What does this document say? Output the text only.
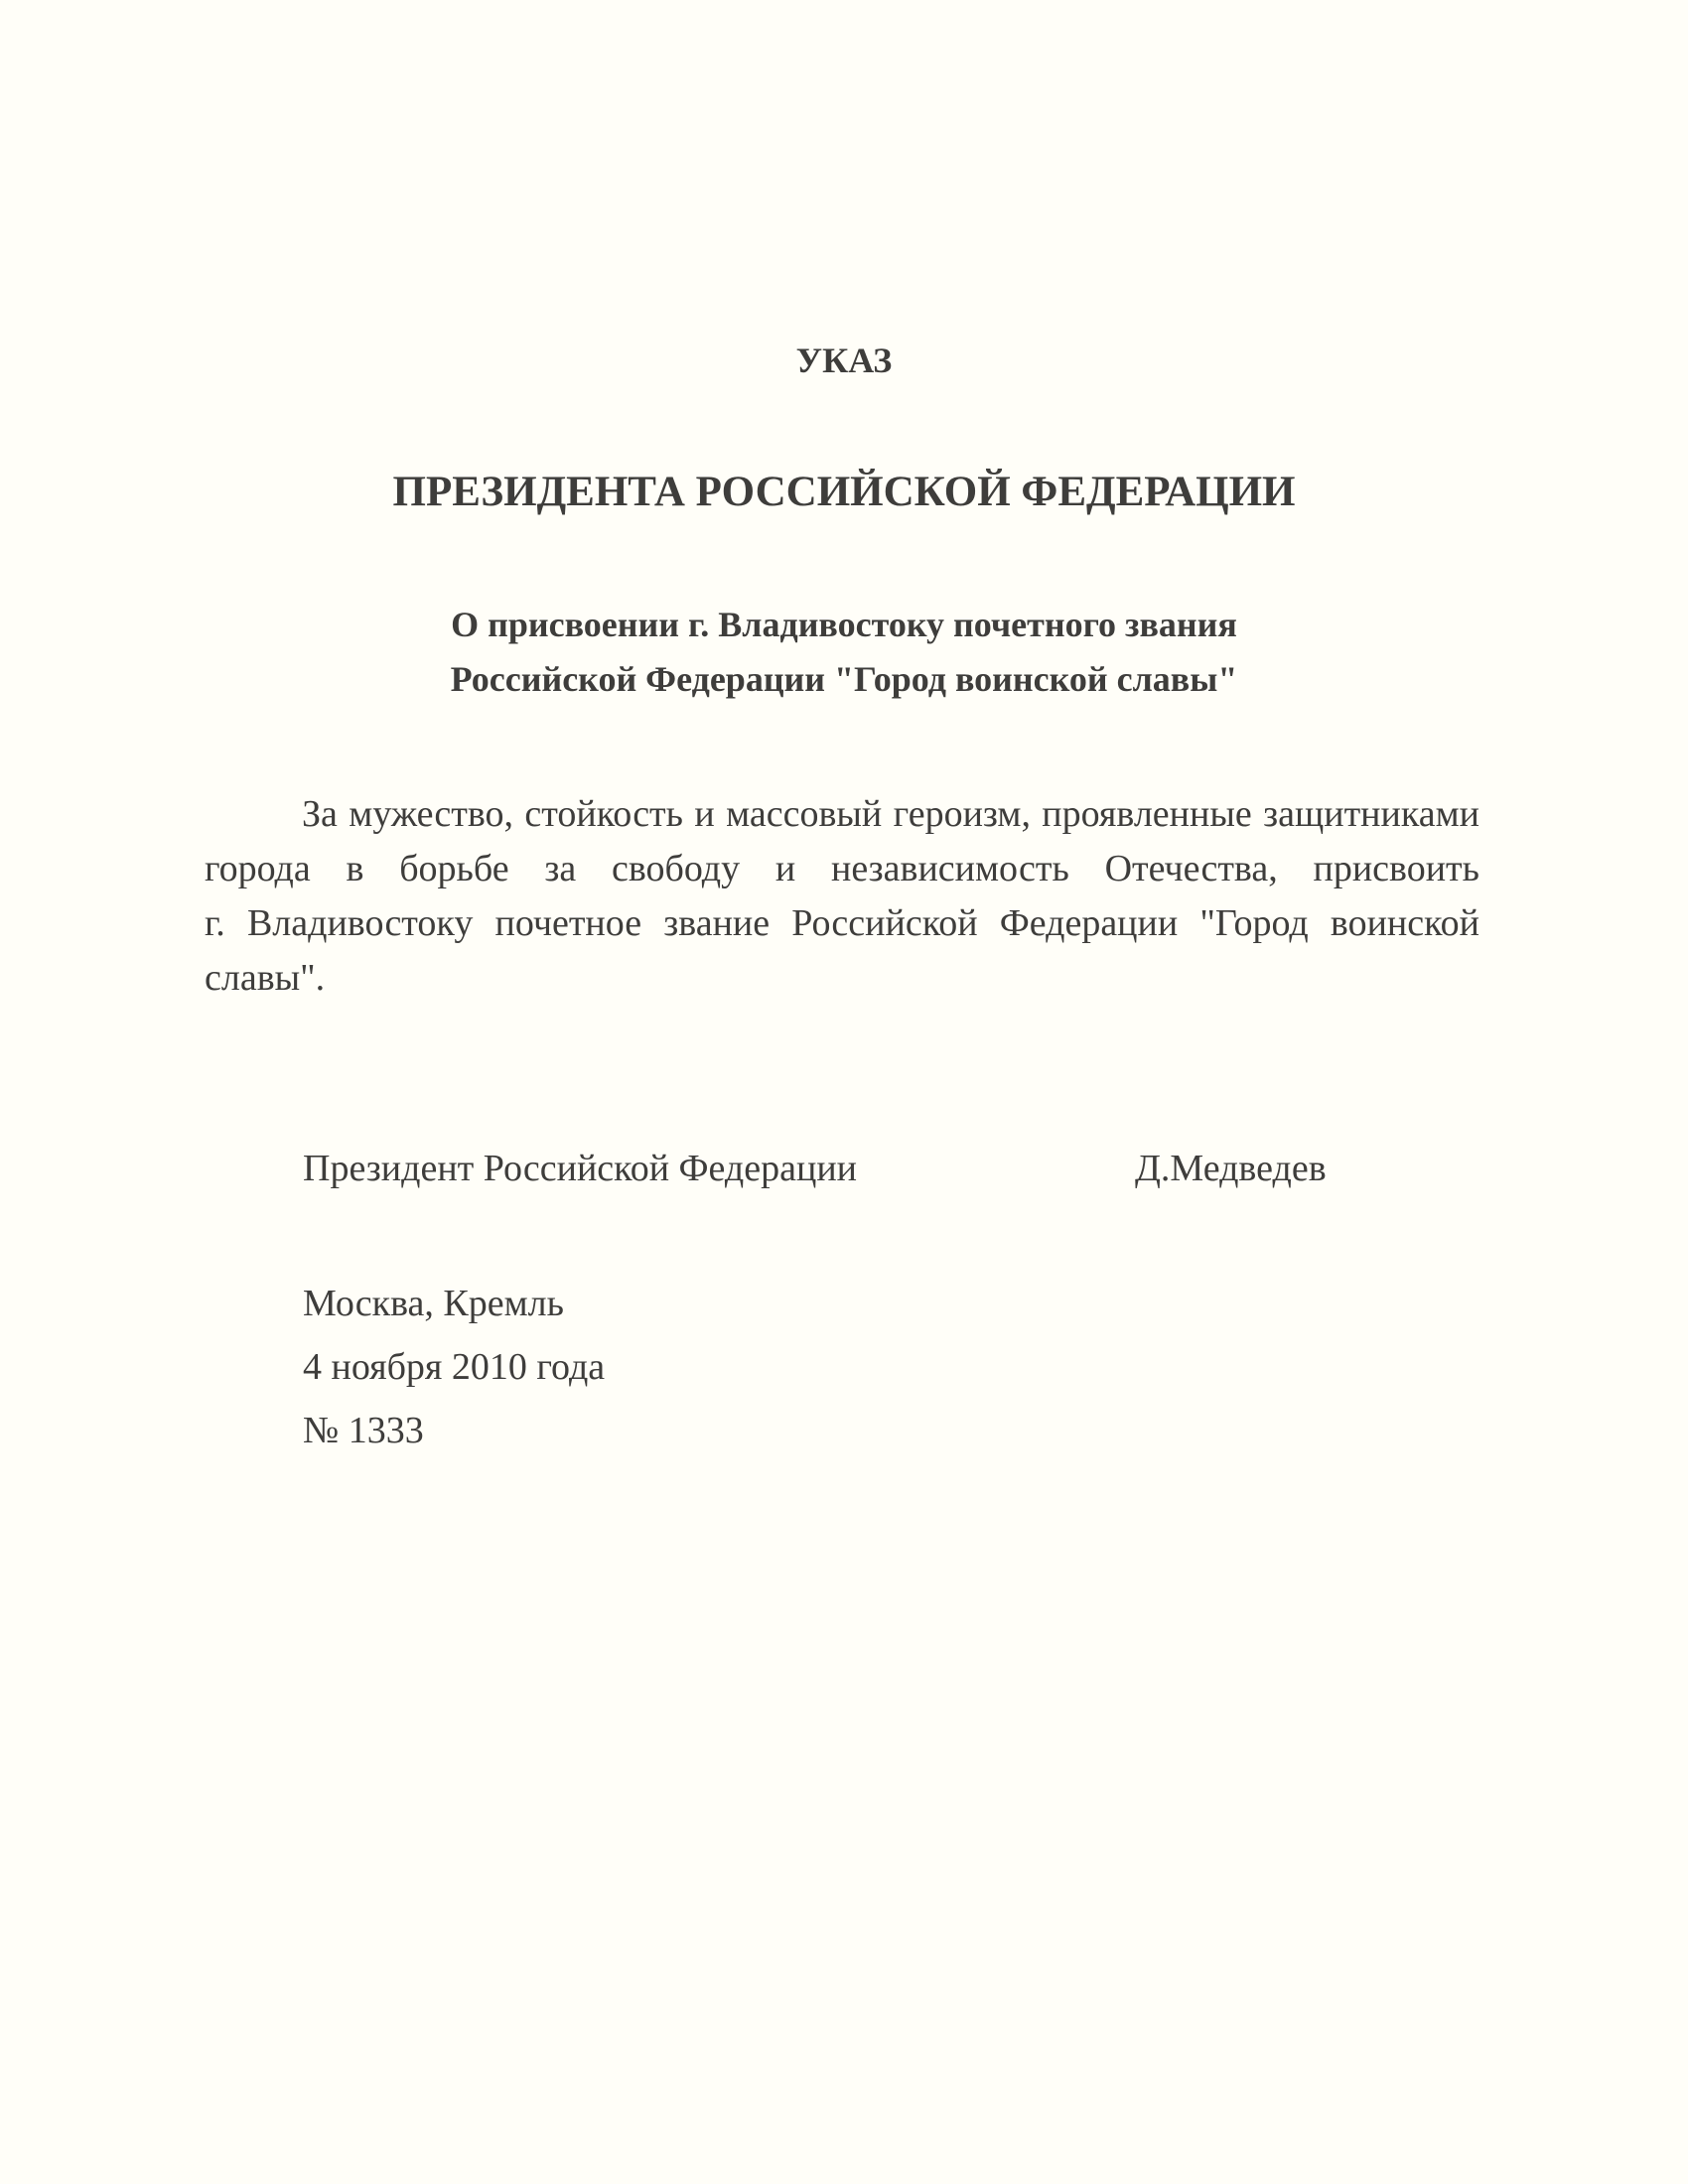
УКАЗ
ПРЕЗИДЕНТА РОССИЙСКОЙ ФЕДЕРАЦИИ
О присвоении г. Владивостоку почетного звания
Российской Федерации "Город воинской славы"
За мужество, стойкость и массовый героизм, проявленные защитниками
города в борьбе за свободу и независимость Отечества, присвоить
г. Владивостоку почетное звание Российской Федерации "Город воинской
славы".
Президент Российской Федерации	Д.Медведев
Москва, Кремль
4 ноября 2010 года
№ 1333
